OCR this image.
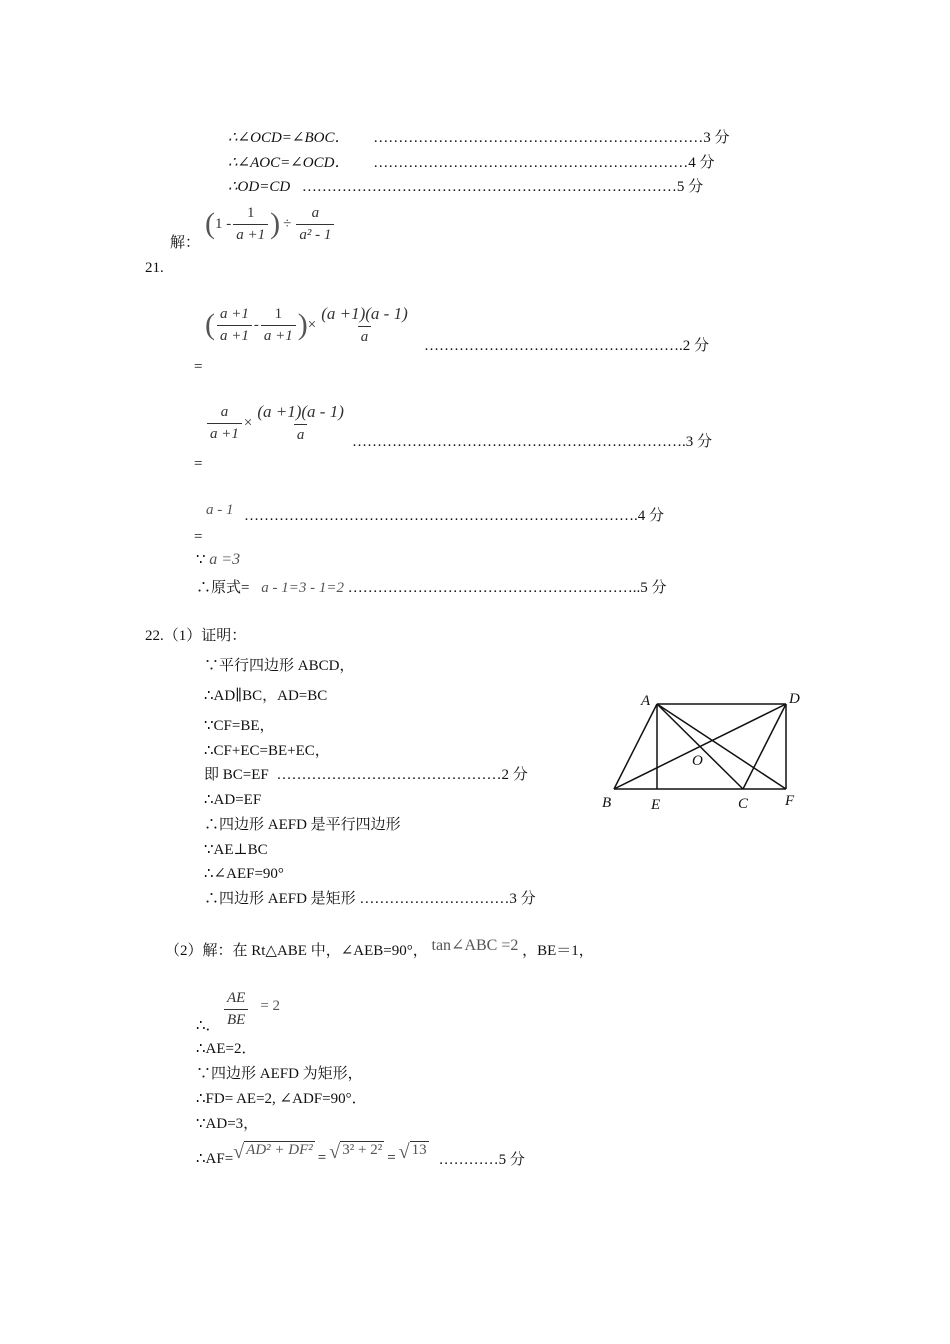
∴∠OCD=∠BOC． …………………………………………………………3 分
∴∠AOC=∠OCD． ………………………………………………………4 分
∴OD=CD …………………………………………………………………5 分
解：
( $1 - \frac{1}{a +1}$ ) ÷ $\frac{a}{\text{a² - 1}}$
21.
( $\frac{a +1}{a +1} - \frac{1}{a +1}$ ) × $\frac{(a +1)(a - 1)}{a}$ …………………………………………….2 分
=
$\frac{a}{a +1} \times \frac{(a +1)(a - 1)}{a}$ ………………………………………………………….3 分
=
a - 1 …………………………………………………………………….4 分
=
∵ a =3
∴原式= a - 1=3 - 1=2 …………………………………………………..5 分
22.（1）证明：
∵平行四边形 ABCD，
∴AD∥BC，AD=BC
∵CF=BE，
∴CF+EC=BE+EC，
即 BC=EF ………………………………………2 分
∴AD=EF
∴四边形 AEFD 是平行四边形
∵AE⊥BC
∴∠AEF=90°
∴四边形 AEFD 是矩形 …………………………3 分
A	D
O
B	E	C F
（2）解：在 Rt△ABE 中，∠AEB=90°， tan∠ABC =2 ，BE＝1，
∴． $\frac{AE}{BE} = 2$
∴AE=2．
∵四边形 AEFD 为矩形，
∴FD= AE=2, ∠ADF=90°．
∵AD=3，
∴AF= √ AD² + DF² = √ 3² + 2² = √ 13
…………5 分
